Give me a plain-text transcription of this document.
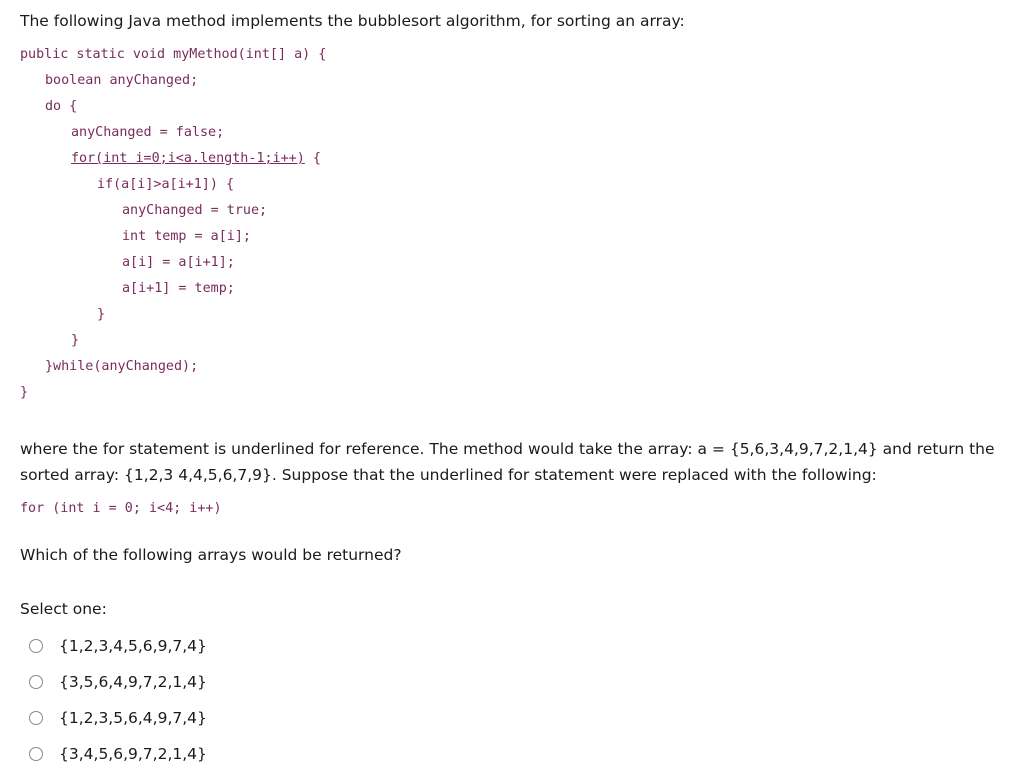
The following Java method implements the bubblesort algorithm, for sorting an array:

public static void myMethod(int[] a) {
boolean anyChanged;
do {
anyChanged = false;
for(int i=0;i<a.length-1;i++) {
if(a[i]>a[i+1]) {
anyChanged = true;
int temp = a[i];
a[i] = a[i+1];
a[i+1] = temp;
}
}
}while(anyChanged);
}

where the for statement is underlined for reference. The method would take the array: a = {5,6,3,4,9,7,2,1,4} and return the

sorted array: {1,2,3 4,4,5,6,7,9}. Suppose that the underlined for statement were replaced with the following:

for (int i = 0; i<4; i++)

Which of the following arrays would be returned?

Select one:
{1,2,3,4,5,6,9,7,4}
{3,5,6,4,9,7,2,1,4}
{1,2,3,5,6,4,9,7,4}
{3,4,5,6,9,7,2,1,4}
